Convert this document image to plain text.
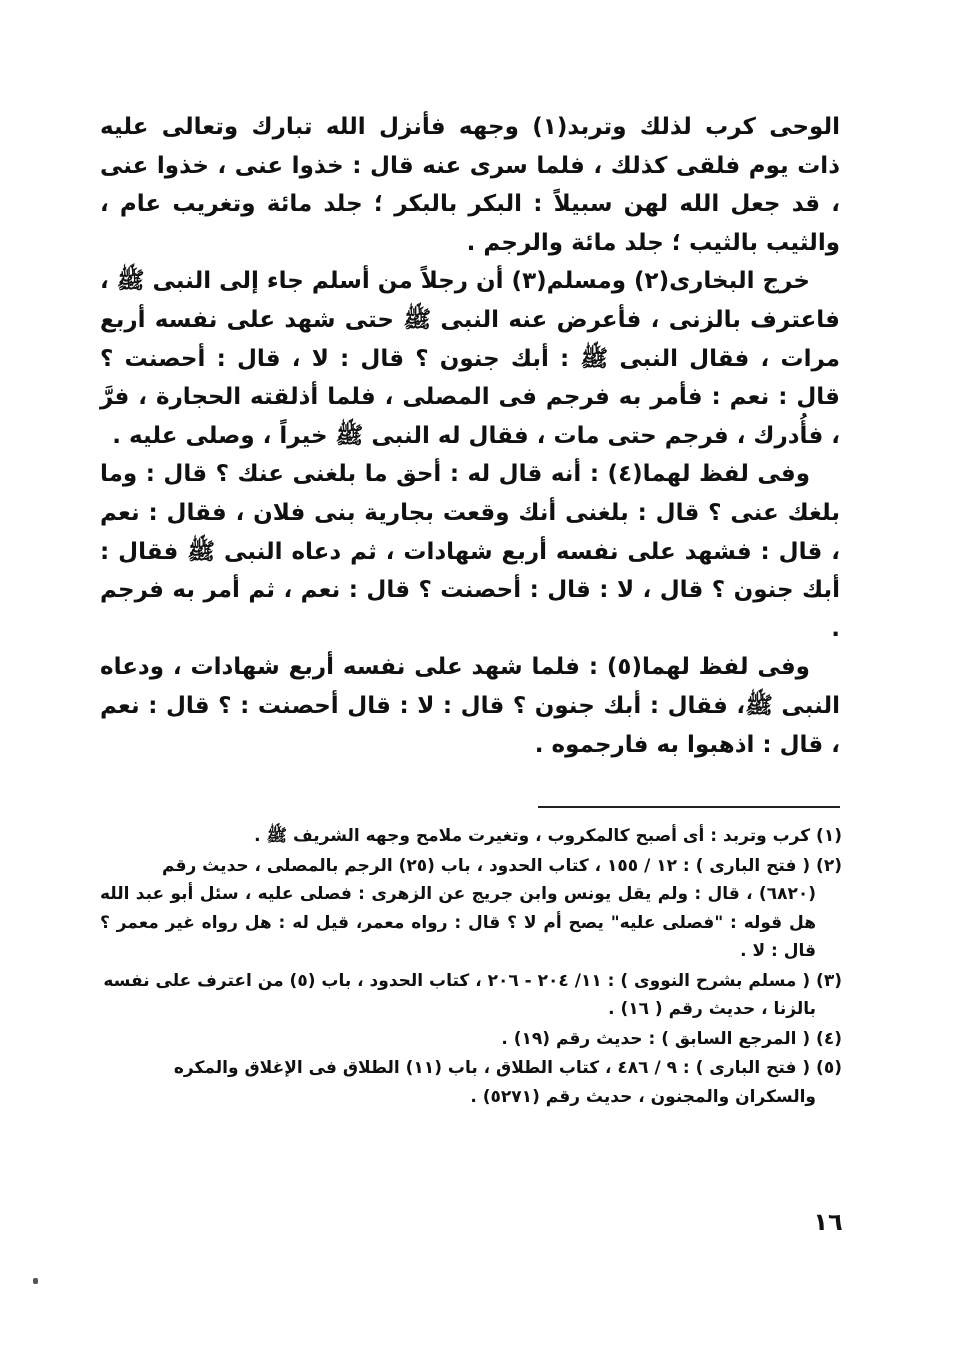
الوحى كرب لذلك وتربد(١) وجهه فأنزل الله تبارك وتعالى عليه ذات يوم فلقى كذلك ، فلما سرى عنه قال : خذوا عنى ، خذوا عنى ، قد جعل الله لهن سبيلاً : البكر بالبكر ؛ جلد مائة وتغريب عام ، والثيب بالثيب ؛ جلد مائة والرجم .

خرج البخارى(٢) ومسلم(٣) أن رجلاً من أسلم جاء إلى النبى ﷺ ، فاعترف بالزنى ، فأعرض عنه النبى ﷺ حتى شهد على نفسه أربع مرات ، فقال النبى ﷺ : أبك جنون ؟ قال : لا ، قال : أحصنت ؟ قال : نعم : فأمر به فرجم فى المصلى ، فلما أذلقته الحجارة ، فرَّ ، فأُدرك ، فرجم حتى مات ، فقال له النبى ﷺ خيراً ، وصلى عليه .

وفى لفظ لهما(٤) : أنه قال له : أحق ما بلغنى عنك ؟ قال : وما بلغك عنى ؟ قال : بلغنى أنك وقعت بجارية بنى فلان ، فقال : نعم ، قال : فشهد على نفسه أربع شهادات ، ثم دعاه النبى ﷺ فقال : أبك جنون ؟ قال ، لا : قال : أحصنت ؟ قال : نعم ، ثم أمر به فرجم .

وفى لفظ لهما(٥) : فلما شهد على نفسه أربع شهادات ، ودعاه النبى ﷺ، فقال : أبك جنون ؟ قال : لا : قال أحصنت : ؟ قال : نعم ، قال : اذهبوا به فارجموه .

(١) كرب وتربد : أى أصبح كالمكروب ، وتغيرت ملامح وجهه الشريف ﷺ .
(٢) ( فتح البارى ) : ١٢ / ١٥٥ ، كتاب الحدود ، باب (٢٥) الرجم بالمصلى ، حديث رقم
(٦٨٢٠) ، قال : ولم يقل يونس وابن جريج عن الزهرى : فصلى عليه ، سئل أبو عبد الله هل قوله : "فصلى عليه" يصح أم لا ؟ قال : رواه معمر، قيل له : هل رواه غير معمر ؟ قال : لا .
(٣) ( مسلم بشرح النووى ) : ١١/ ٢٠٤ - ٢٠٦ ، كتاب الحدود ، باب (٥) من اعترف على نفسه
بالزنا ، حديث رقم ( ١٦) .
(٤) ( المرجع السابق ) : حديث رقم (١٩) .
(٥) ( فتح البارى ) : ٩ / ٤٨٦ ، كتاب الطلاق ، باب (١١) الطلاق فى الإغلاق والمكره
والسكران والمجنون ، حديث رقم (٥٢٧١) .
١٦
